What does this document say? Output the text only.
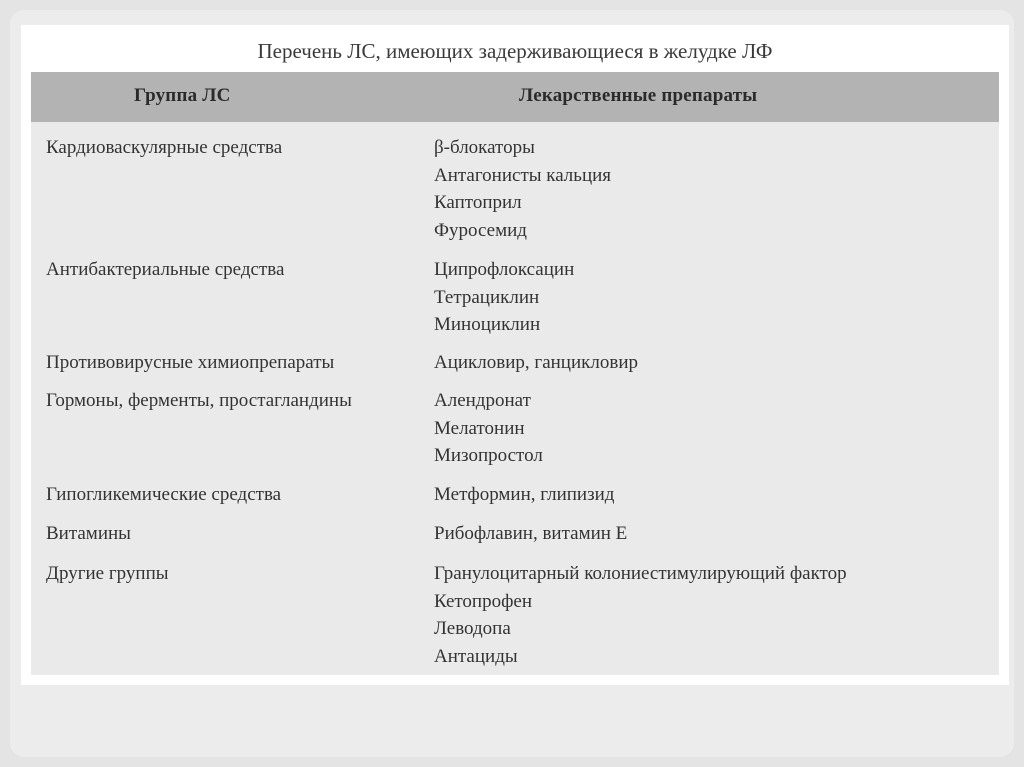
Перечень ЛС, имеющих задерживающиеся в желудке ЛФ
Группа ЛС	Лекарственные препараты
Кардиоваскулярные средства	β-блокаторы
Антагонисты кальция
Каптоприл
Фуросемид
Антибактериальные средства	Ципрофлоксацин
Тетрациклин
Миноциклин
Противовирусные химиопрепараты	Ацикловир, ганцикловир
Гормоны, ферменты, простагландины	Алендронат
Мелатонин
Мизопростол
Гипогликемические средства	Метформин, глипизид
Витамины	Рибофлавин, витамин Е
Другие группы	Гранулоцитарный колониестимулирующий фактор
Кетопрофен
Леводопа
Антациды
